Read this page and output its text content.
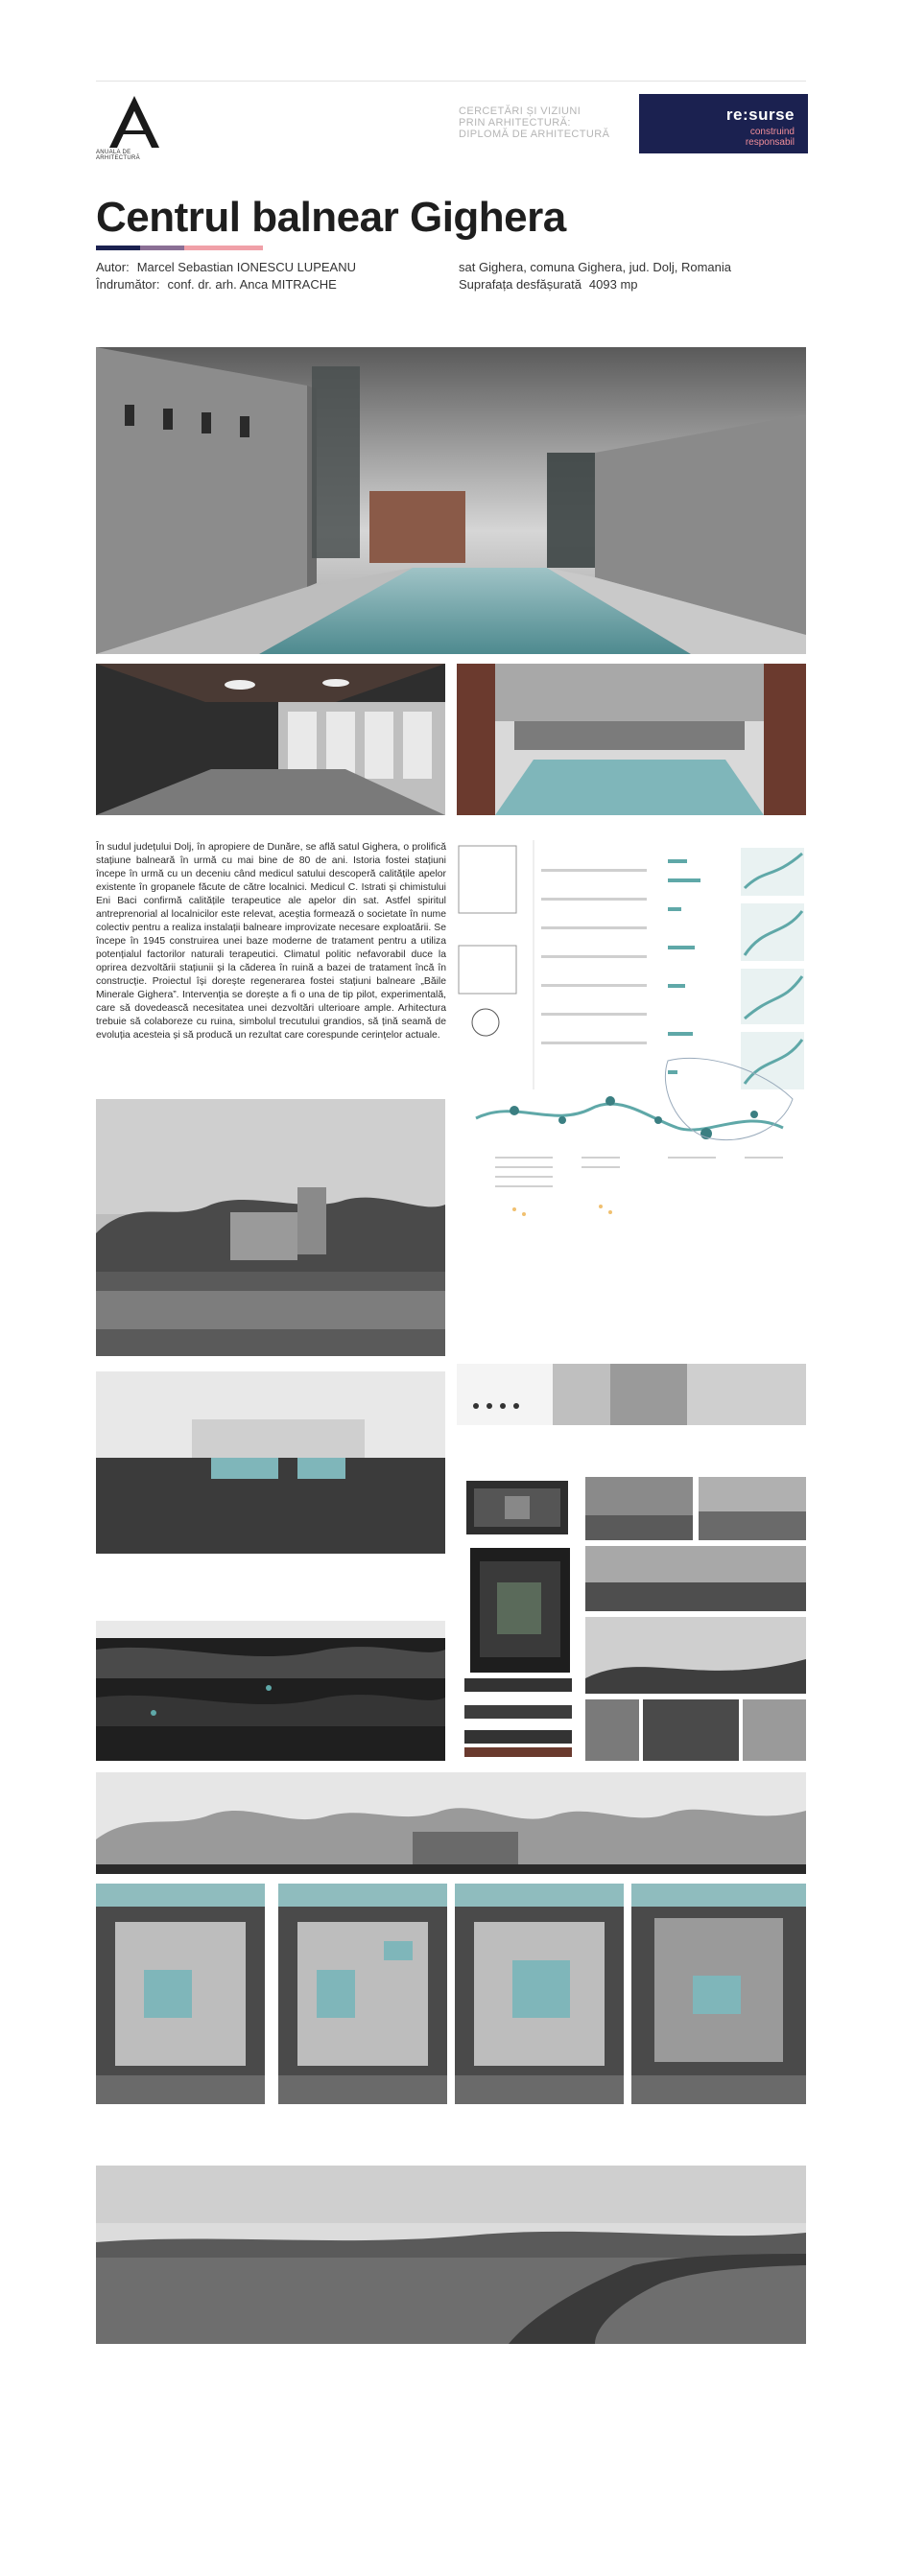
ANUALA DE ARHITECTURĂ
CERCETĂRI ȘI VIZIUNI
PRIN ARHITECTURĂ:
DIPLOMĂ DE ARHITECTURĂ
re:surse
construind
responsabil
Centrul balnear Gighera
Autor: Marcel Sebastian IONESCU LUPEANU
Îndrumător: conf. dr. arh. Anca MITRACHE
sat Gighera, comuna Gighera, jud. Dolj, Romania
Suprafața desfășurată 4093 mp
În sudul județului Dolj, în apropiere de Dunăre, se află satul Gighera, o prolifică stațiune balneară în urmă cu mai bine de 80 de ani. Istoria fostei stațiuni începe în urmă cu un deceniu când medicul satului descoperă calitățile apelor existente în gropanele făcute de către localnici. Medicul C. Istrati și chimistului Eni Baci confirmă calitățile terapeutice ale apelor din sat. Astfel spiritul antreprenorial al localnicilor este relevat, aceștia formează o societate în nume colectiv pentru a realiza instalații balneare improvizate necesare exploatării. Se începe în 1945 construirea unei baze moderne de tratament pentru a utiliza potențialul factorilor naturali terapeutici. Climatul politic nefavorabil duce la oprirea dezvoltării stațiunii și la căderea în ruină a bazei de tratament încă în construcție. Proiectul își dorește regenerarea fostei stațiuni balneare „Băile Minerale Gighera”. Intervenția se dorește a fi o una de tip pilot, experimentală, care să dovedească necesitatea unei dezvoltări ulterioare ample. Arhitectura trebuie să colaboreze cu ruina, simbolul trecutului grandios, să țină seamă de evoluția acesteia și să producă un rezultat care corespunde cerințelor actuale.
